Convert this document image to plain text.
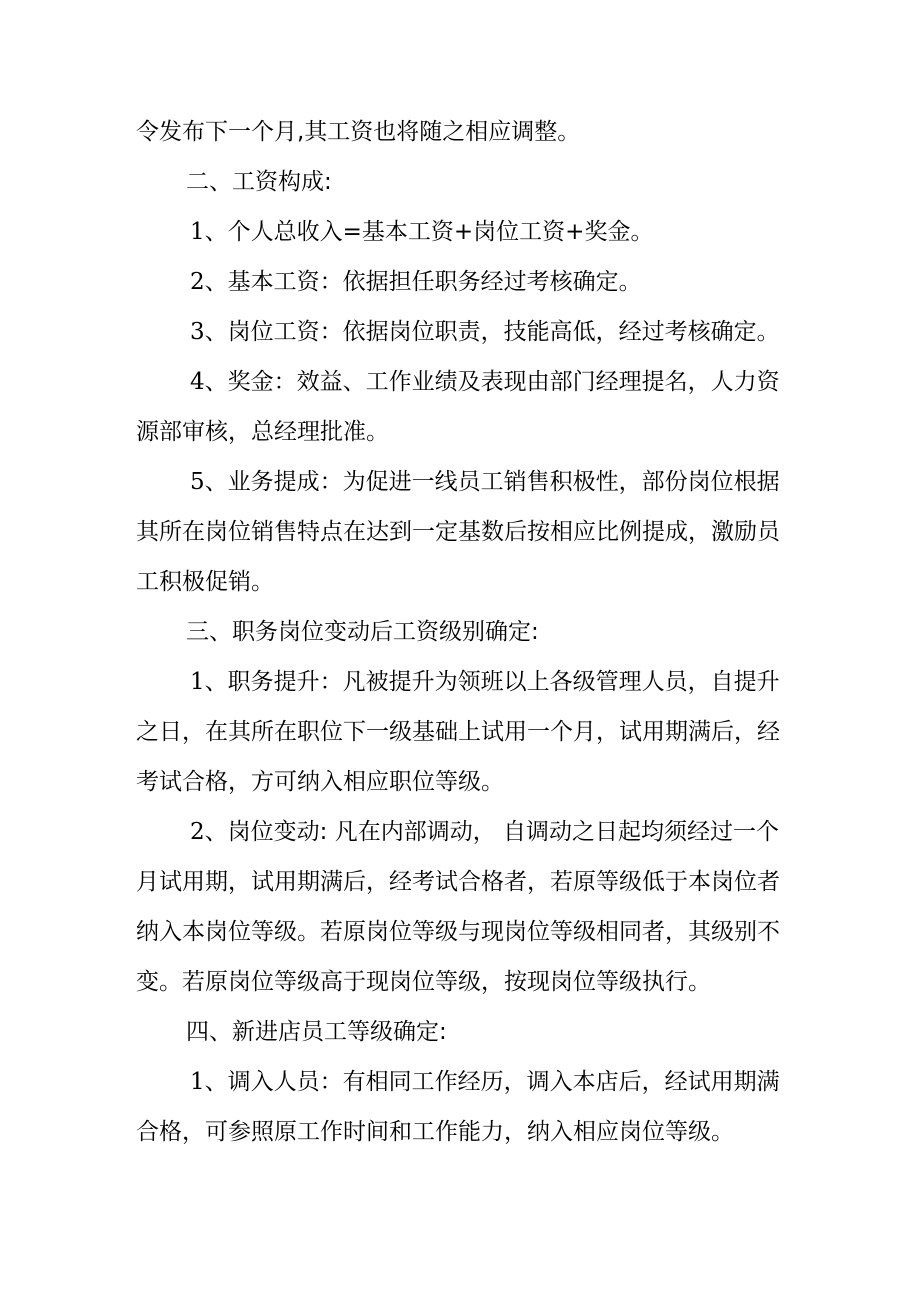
令发布下一个月,其工资也将随之相应调整。
二、工资构成:
1、个人总收入=基本工资+岗位工资+奖金。
2、基本工资：依据担任职务经过考核确定。
3、岗位工资：依据岗位职责，技能高低，经过考核确定。
4、奖金：效益、工作业绩及表现由部门经理提名，人力资
源部审核，总经理批准。
5、业务提成：为促进一线员工销售积极性，部份岗位根据
其所在岗位销售特点在达到一定基数后按相应比例提成，激励员
工积极促销。
三、职务岗位变动后工资级别确定:
1、职务提升：凡被提升为领班以上各级管理人员，自提升
之日，在其所在职位下一级基础上试用一个月，试用期满后，经
考试合格，方可纳入相应职位等级。
2、岗位变动: 凡在内部调动， 自调动之日起均须经过一个
月试用期，试用期满后，经考试合格者，若原等级低于本岗位者
纳入本岗位等级。若原岗位等级与现岗位等级相同者，其级别不
变。若原岗位等级高于现岗位等级，按现岗位等级执行。
四、新进店员工等级确定:
1、调入人员：有相同工作经历，调入本店后，经试用期满
合格，可参照原工作时间和工作能力，纳入相应岗位等级。
